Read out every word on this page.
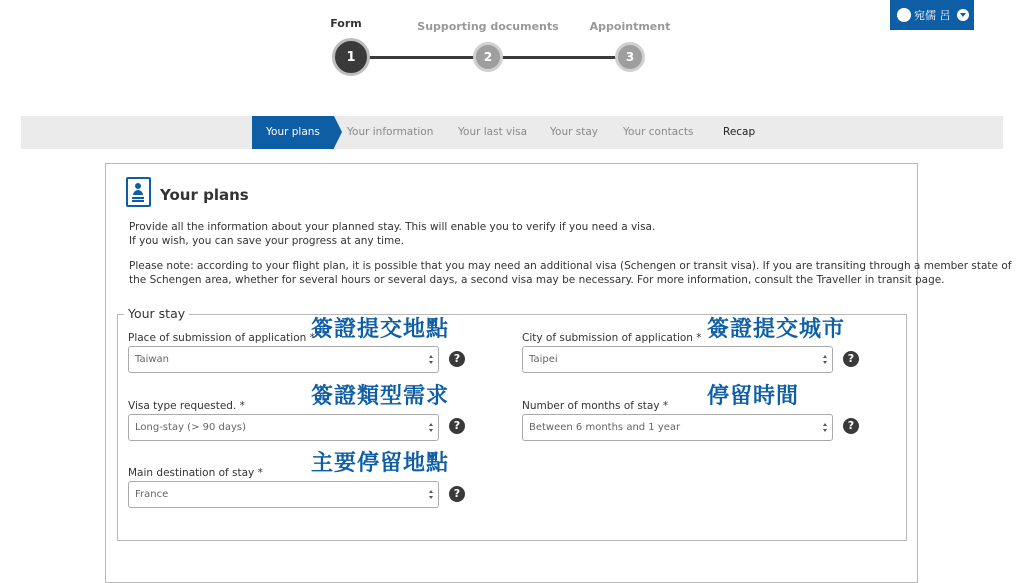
Form	Supporting documents	Appointment
1	2	3
宛儒 呂
Your plans	Your information Your last visa Your stay Your contacts	Recap
Your plans
Provide all the information about your planned stay. This will enable you to verify if you need a visa.
If you wish, you can save your progress at any time.
Please note: according to your flight plan, it is possible that you may need an additional visa (Schengen or transit visa). If you are transiting through a member state of
the Schengen area, whether for several hours or several days, a second visa may be necessary. For more information, consult the Traveller in transit page.
Your stay
Place of submission of application *
Taiwan	?
City of submission of application *
Taipei	?
Visa type requested. *
Long-stay (> 90 days)	?
Number of months of stay *
Between 6 months and 1 year	?
Main destination of stay *
France	?
簽證提交地點	簽證提交城市
簽證類型需求	停留時間
主要停留地點
